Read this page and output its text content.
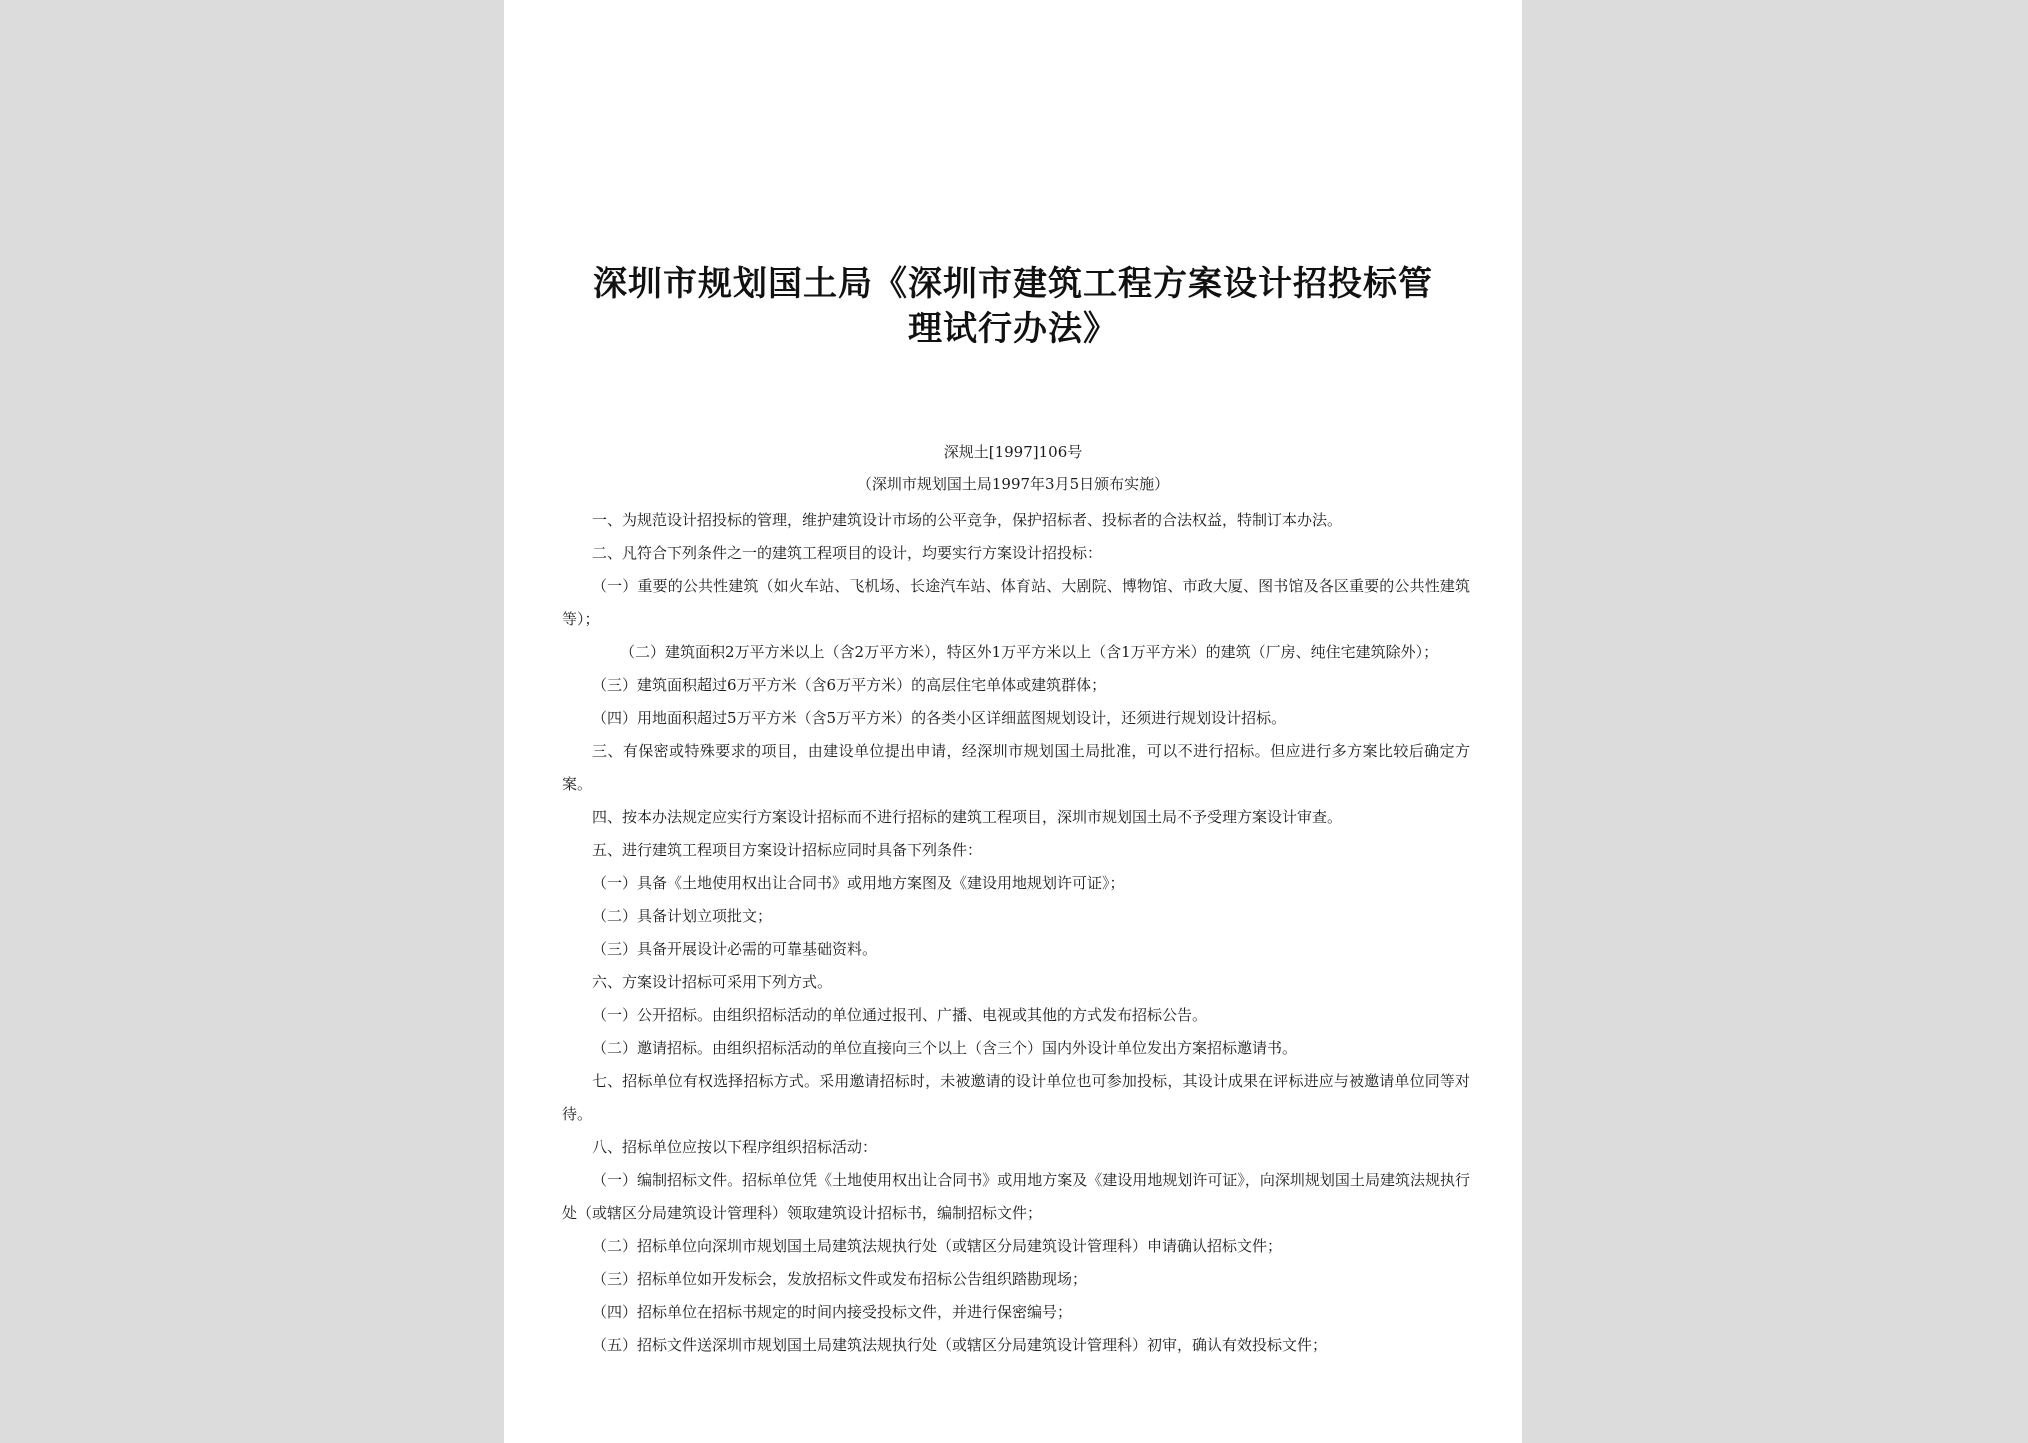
深圳市规划国土局《深圳市建筑工程方案设计招投标管
理试行办法》
深规土[1997]106号
（深圳市规划国土局1997年3月5日颁布实施）

一、为规范设计招投标的管理，维护建筑设计市场的公平竞争，保护招标者、投标者的合法权益，特制订本办法。

二、凡符合下列条件之一的建筑工程项目的设计，均要实行方案设计招投标：

（一）重要的公共性建筑（如火车站、飞机场、长途汽车站、体育站、大剧院、博物馆、市政大厦、图书馆及各区重要的公共性建筑等）；

（二）建筑面积2万平方米以上（含2万平方米），特区外1万平方米以上（含1万平方米）的建筑（厂房、纯住宅建筑除外）；

（三）建筑面积超过6万平方米（含6万平方米）的高层住宅单体或建筑群体；

（四）用地面积超过5万平方米（含5万平方米）的各类小区详细蓝图规划设计，还须进行规划设计招标。

三、有保密或特殊要求的项目，由建设单位提出申请，经深圳市规划国土局批准，可以不进行招标。但应进行多方案比较后确定方案。

四、按本办法规定应实行方案设计招标而不进行招标的建筑工程项目，深圳市规划国土局不予受理方案设计审查。

五、进行建筑工程项目方案设计招标应同时具备下列条件：

（一）具备《土地使用权出让合同书》或用地方案图及《建设用地规划许可证》；

（二）具备计划立项批文；

（三）具备开展设计必需的可靠基础资料。

六、方案设计招标可采用下列方式。

（一）公开招标。由组织招标活动的单位通过报刊、广播、电视或其他的方式发布招标公告。

（二）邀请招标。由组织招标活动的单位直接向三个以上（含三个）国内外设计单位发出方案招标邀请书。

七、招标单位有权选择招标方式。采用邀请招标时，未被邀请的设计单位也可参加投标，其设计成果在评标进应与被邀请单位同等对待。

八、招标单位应按以下程序组织招标活动：

（一）编制招标文件。招标单位凭《土地使用权出让合同书》或用地方案及《建设用地规划许可证》，向深圳规划国土局建筑法规执行处（或辖区分局建筑设计管理科）领取建筑设计招标书，编制招标文件；

（二）招标单位向深圳市规划国土局建筑法规执行处（或辖区分局建筑设计管理科）申请确认招标文件；

（三）招标单位如开发标会，发放招标文件或发布招标公告组织踏勘现场；

（四）招标单位在招标书规定的时间内接受投标文件，并进行保密编号；

（五）招标文件送深圳市规划国土局建筑法规执行处（或辖区分局建筑设计管理科）初审，确认有效投标文件；
